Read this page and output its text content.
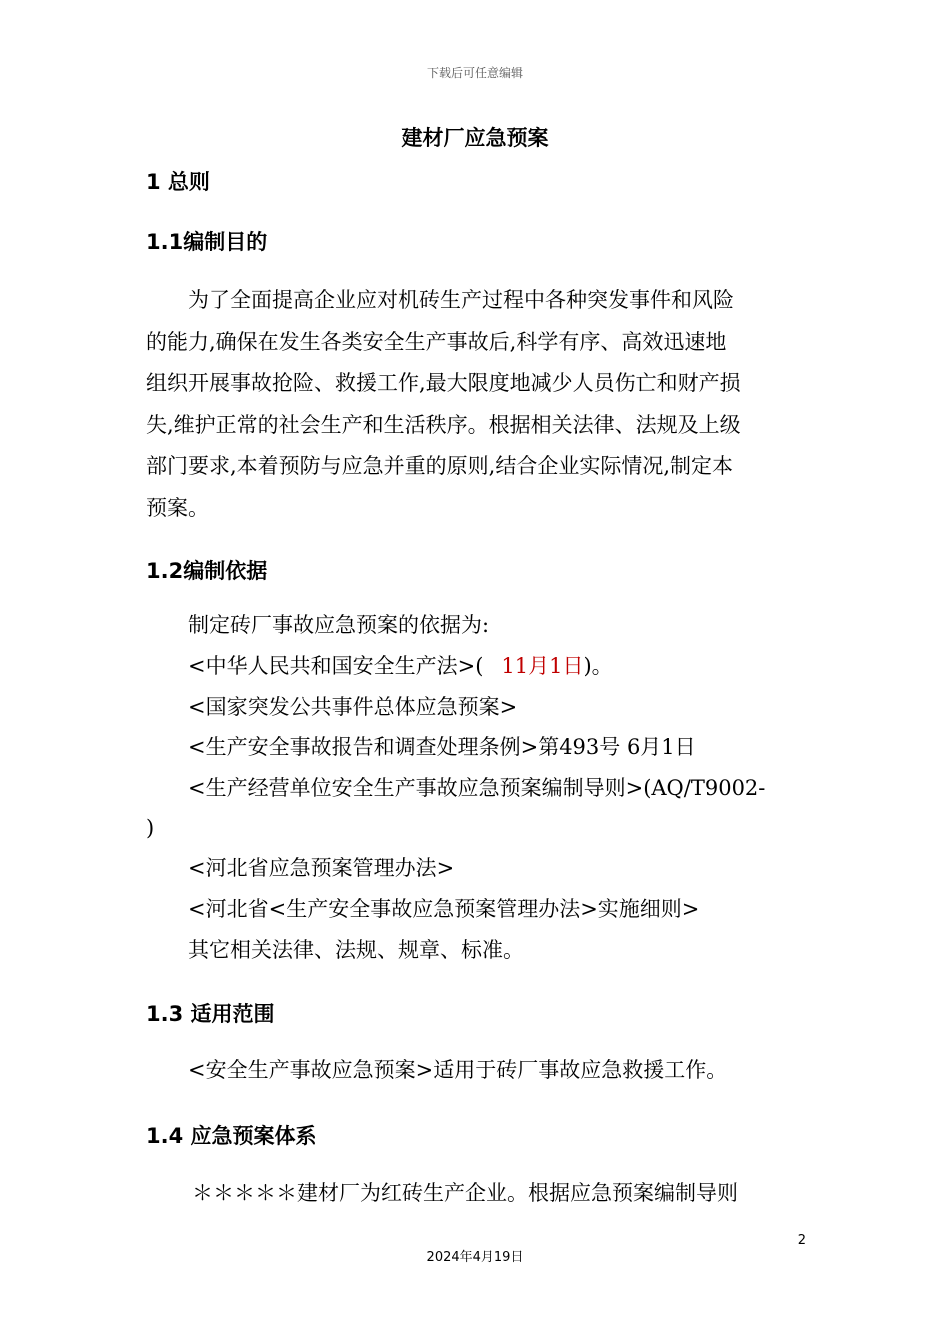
下载后可任意编辑
建材厂应急预案
1 总则
1.1编制目的
　　为了全面提高企业应对机砖生产过程中各种突发事件和风险
的能力,确保在发生各类安全生产事故后,科学有序、高效迅速地
组织开展事故抢险、救援工作,最大限度地减少人员伤亡和财产损
失,维护正常的社会生产和生活秩序。根据相关法律、法规及上级
部门要求,本着预防与应急并重的原则,结合企业实际情况,制定本
预案。
1.2编制依据
制定砖厂事故应急预案的依据为:
<中华人民共和国安全生产法>( 11月1日)。
<国家突发公共事件总体应急预案>
<生产安全事故报告和调查处理条例>第493号 6月1日
<生产经营单位安全生产事故应急预案编制导则>(AQ/T9002-
)
<河北省应急预案管理办法>
<河北省<生产安全事故应急预案管理办法>实施细则>
其它相关法律、法规、规章、标准。
1.3 适用范围
<安全生产事故应急预案>适用于砖厂事故应急救援工作。
1.4 应急预案体系
＊＊＊＊＊建材厂为红砖生产企业。根据应急预案编制导则
2
2024年4月19日
